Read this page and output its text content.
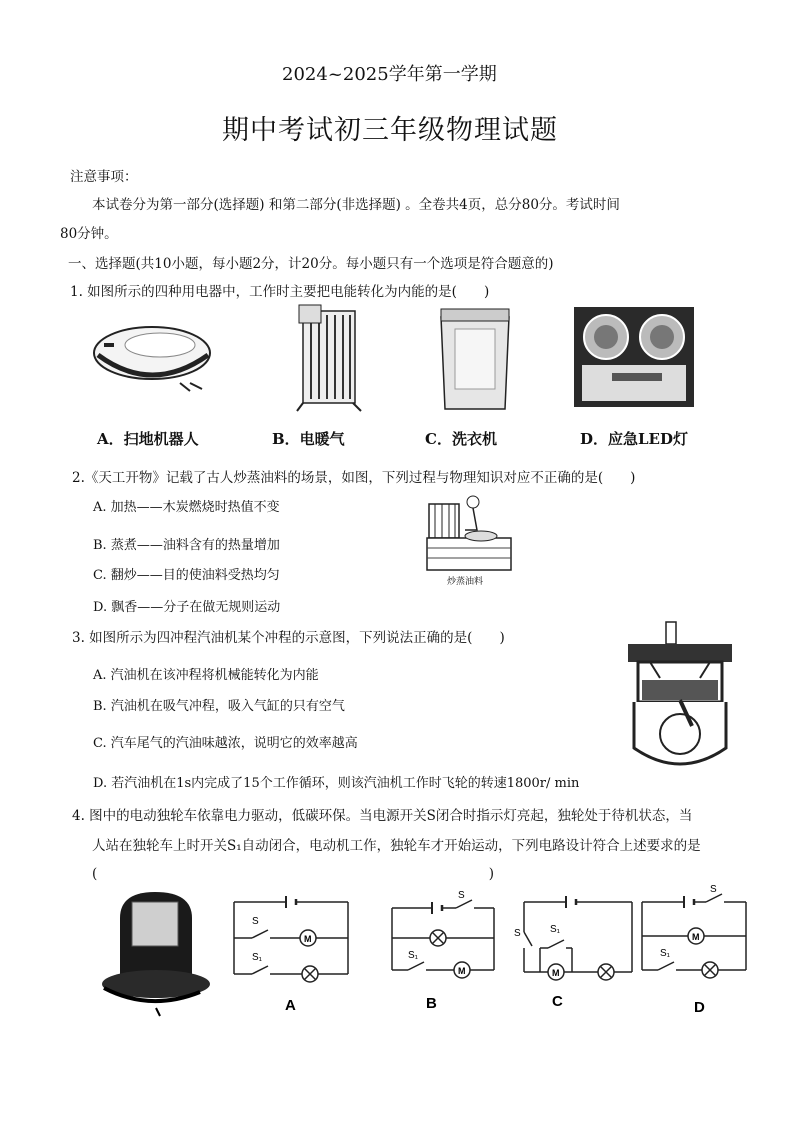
2024~2025学年第一学期
期中考试初三年级物理试题
注意事项：
本试卷分为第一部分(选择题) 和第二部分(非选择题) 。全卷共4页，总分80分。考试时间
80分钟。
一、选择题(共10小题，每小题2分，计20分。每小题只有一个选项是符合题意的)
1. 如图所示的四种用电器中，工作时主要把电能转化为内能的是(　　)
A．扫地机器人	B．电暖气	C．洗衣机	D．应急LED灯
2.《天工开物》记载了古人炒蒸油料的场景，如图，下列过程与物理知识对应不正确的是(　　)
A. 加热——木炭燃烧时热值不变
B. 蒸煮——油料含有的热量增加
C. 翻炒——目的使油料受热均匀
D. 飘香——分子在做无规则运动
炒蒸油料
3. 如图所示为四冲程汽油机某个冲程的示意图，下列说法正确的是(　　)
A. 汽油机在该冲程将机械能转化为内能
B. 汽油机在吸气冲程，吸入气缸的只有空气
C. 汽车尾气的汽油味越浓，说明它的效率越高
D. 若汽油机在1s内完成了15个工作循环，则该汽油机工作时飞轮的转速1800r/ min
4. 图中的电动独轮车依靠电力驱动，低碳环保。当电源开关S闭合时指示灯亮起，独轮处于待机状态，当
人站在独轮车上时开关S₁自动闭合，电动机工作，独轮车才开始运动，下列电路设计符合上述要求的是
(　　　　　　　　　　　　　　　　　　　　　　　　　　　　　)
S
S₁
M
A
S
S₁
M
B
S	S₁
M
C
S
S₁
M
D
